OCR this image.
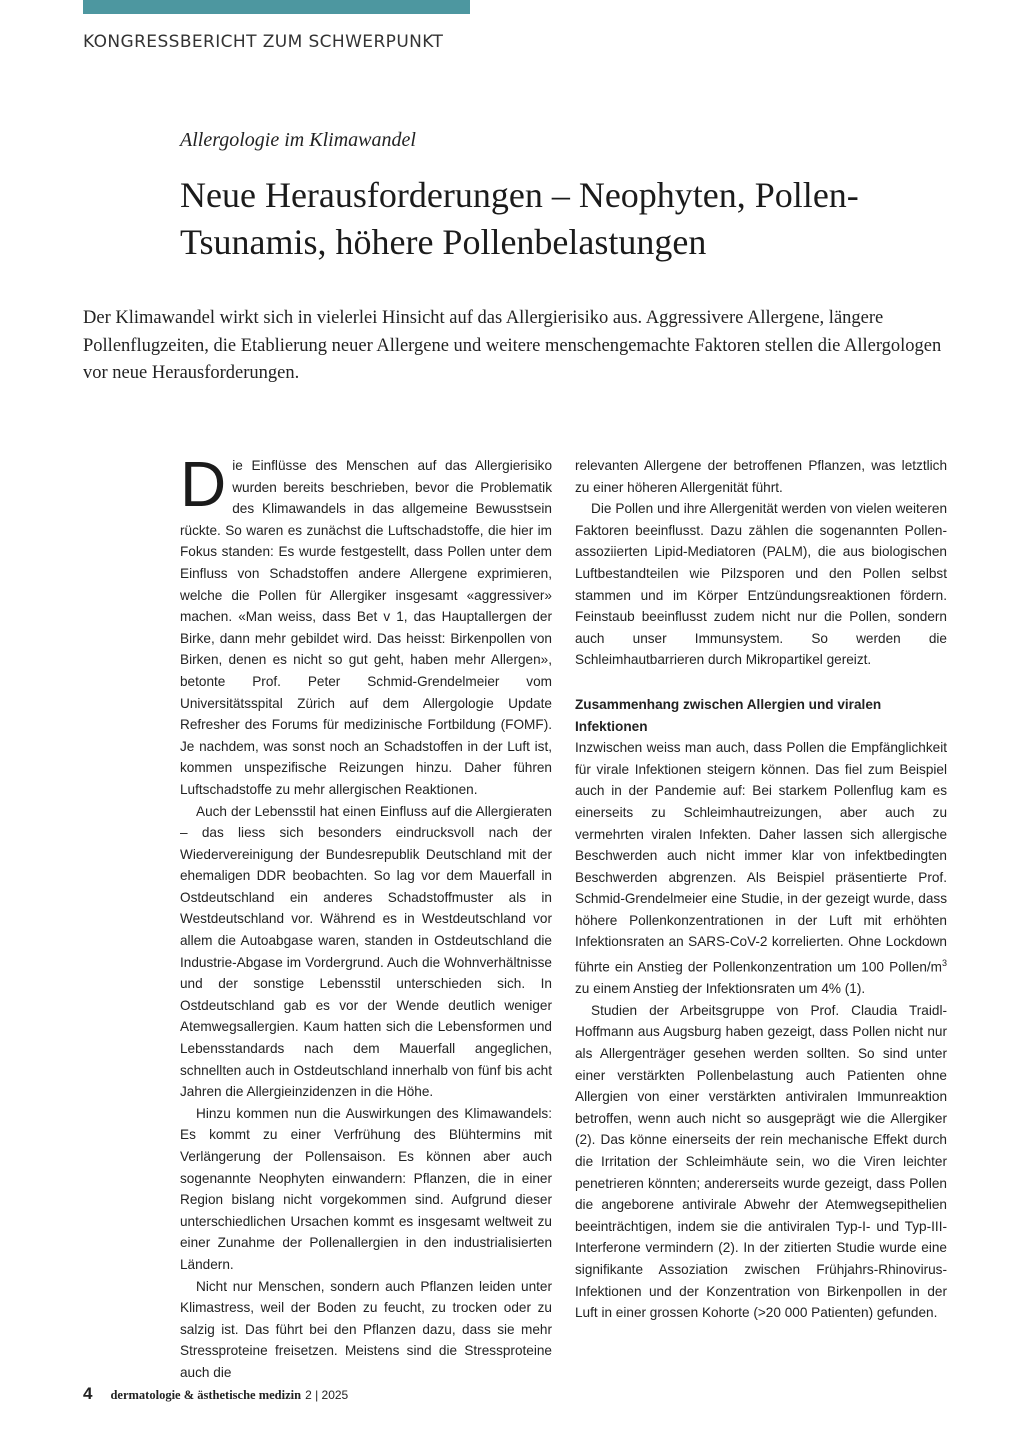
KONGRESSBERICHT ZUM SCHWERPUNKT
Allergologie im Klimawandel
Neue Herausforderungen – Neophyten, Pollen-Tsunamis, höhere Pollenbelastungen

Der Klimawandel wirkt sich in vielerlei Hinsicht auf das Allergierisiko aus. Aggressivere Allergene, längere Pollenflugzeiten, die Etablierung neuer Allergene und weitere menschengemachte Faktoren stellen die Allergologen vor neue Herausforderungen.

Die Einflüsse des Menschen auf das Allergierisiko wurden bereits beschrieben, bevor die Problematik des Klimawandels in das allgemeine Bewusstsein rückte. So waren es zunächst die Luftschadstoffe, die hier im Fokus standen: Es wurde festgestellt, dass Pollen unter dem Einfluss von Schadstoffen andere Allergene exprimieren, welche die Pollen für Allergiker insgesamt «aggressiver» machen. «Man weiss, dass Bet v 1, das Hauptallergen der Birke, dann mehr gebildet wird. Das heisst: Birkenpollen von Birken, denen es nicht so gut geht, haben mehr Allergen», betonte Prof. Peter Schmid-Grendelmeier vom Universitätsspital Zürich auf dem Allergologie Update Refresher des Forums für medizinische Fortbildung (FOMF). Je nachdem, was sonst noch an Schadstoffen in der Luft ist, kommen unspezifische Reizungen hinzu. Daher führen Luftschadstoffe zu mehr allergischen Reaktionen.

Auch der Lebensstil hat einen Einfluss auf die Allergieraten – das liess sich besonders eindrucksvoll nach der Wiedervereinigung der Bundesrepublik Deutschland mit der ehemaligen DDR beobachten. So lag vor dem Mauerfall in Ostdeutschland ein anderes Schadstoffmuster als in Westdeutschland vor. Während es in Westdeutschland vor allem die Autoabgase waren, standen in Ostdeutschland die Industrie-Abgase im Vordergrund. Auch die Wohnverhältnisse und der sonstige Lebensstil unterschieden sich. In Ostdeutschland gab es vor der Wende deutlich weniger Atemwegsallergien. Kaum hatten sich die Lebensformen und Lebensstandards nach dem Mauerfall angeglichen, schnellten auch in Ostdeutschland innerhalb von fünf bis acht Jahren die Allergieinzidenzen in die Höhe.

Hinzu kommen nun die Auswirkungen des Klimawandels: Es kommt zu einer Verfrühung des Blühtermins mit Verlängerung der Pollensaison. Es können aber auch sogenannte Neophyten einwandern: Pflanzen, die in einer Region bislang nicht vorgekommen sind. Aufgrund dieser unterschiedlichen Ursachen kommt es insgesamt weltweit zu einer Zunahme der Pollenallergien in den industrialisierten Ländern.

Nicht nur Menschen, sondern auch Pflanzen leiden unter Klimastress, weil der Boden zu feucht, zu trocken oder zu salzig ist. Das führt bei den Pflanzen dazu, dass sie mehr Stressproteine freisetzen. Meistens sind die Stressproteine auch die

relevanten Allergene der betroffenen Pflanzen, was letztlich zu einer höheren Allergenität führt.

Die Pollen und ihre Allergenität werden von vielen weiteren Faktoren beeinflusst. Dazu zählen die sogenannten Pollen-assoziierten Lipid-Mediatoren (PALM), die aus biologischen Luftbestandteilen wie Pilzsporen und den Pollen selbst stammen und im Körper Entzündungsreaktionen fördern. Feinstaub beeinflusst zudem nicht nur die Pollen, sondern auch unser Immunsystem. So werden die Schleimhautbarrieren durch Mikropartikel gereizt.

Zusammenhang zwischen Allergien und viralen Infektionen

Inzwischen weiss man auch, dass Pollen die Empfänglichkeit für virale Infektionen steigern können. Das fiel zum Beispiel auch in der Pandemie auf: Bei starkem Pollenflug kam es einerseits zu Schleimhautreizungen, aber auch zu vermehrten viralen Infekten. Daher lassen sich allergische Beschwerden auch nicht immer klar von infektbedingten Beschwerden abgrenzen. Als Beispiel präsentierte Prof. Schmid-Grendelmeier eine Studie, in der gezeigt wurde, dass höhere Pollenkonzentrationen in der Luft mit erhöhten Infektionsraten an SARS-CoV-2 korrelierten. Ohne Lockdown führte ein Anstieg der Pollenkonzentration um 100 Pollen/$m^3$ zu einem Anstieg der Infektionsraten um 4% (1).

Studien der Arbeitsgruppe von Prof. Claudia Traidl-Hoffmann aus Augsburg haben gezeigt, dass Pollen nicht nur als Allergenträger gesehen werden sollten. So sind unter einer verstärkten Pollenbelastung auch Patienten ohne Allergien von einer verstärkten antiviralen Immunreaktion betroffen, wenn auch nicht so ausgeprägt wie die Allergiker (2). Das könne einerseits der rein mechanische Effekt durch die Irritation der Schleimhäute sein, wo die Viren leichter penetrieren könnten; andererseits wurde gezeigt, dass Pollen die angeborene antivirale Abwehr der Atemwegsepithelien beeinträchtigen, indem sie die antiviralen Typ-I- und Typ-III-Interferone vermindern (2). In der zitierten Studie wurde eine signifikante Assoziation zwischen Frühjahrs-Rhinovirus-Infektionen und der Konzentration von Birkenpollen in der Luft in einer grossen Kohorte (>20 000 Patienten) gefunden.

4 dermatologie & ästhetische medizin 2 | 2025
